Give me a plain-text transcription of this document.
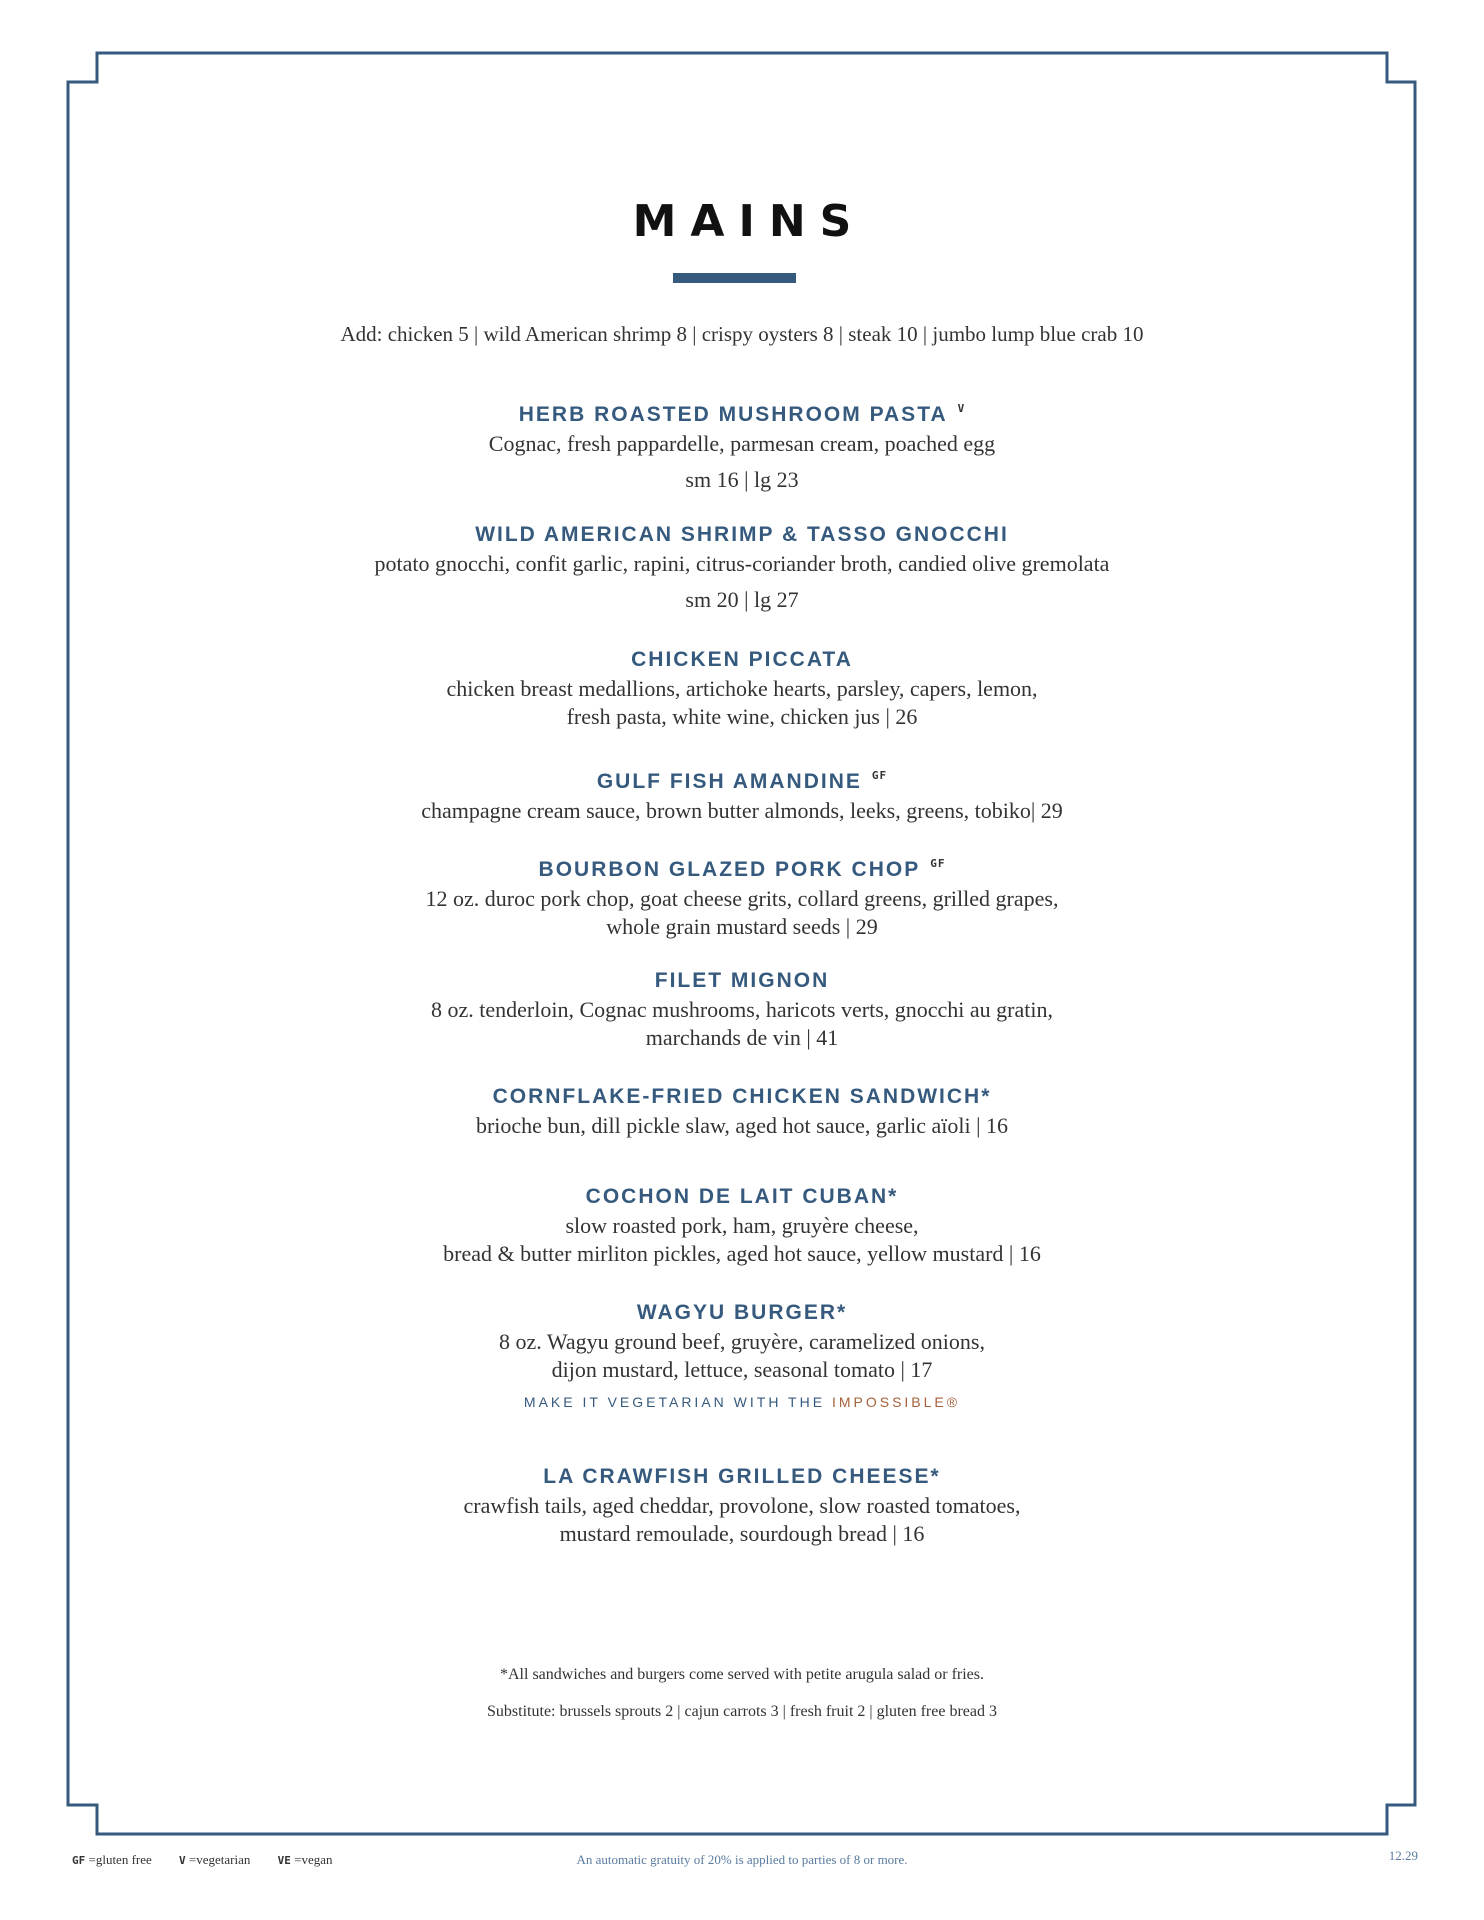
MAINS
Add: chicken 5 | wild American shrimp 8 | crispy oysters 8 | steak 10 | jumbo lump blue crab 10
HERB ROASTED MUSHROOM PASTA $^V$
Cognac, fresh pappardelle, parmesan cream, poached egg
sm 16 | lg 23
WILD AMERICAN SHRIMP & TASSO GNOCCHI
potato gnocchi, confit garlic, rapini, citrus-coriander broth, candied olive gremolata
sm 20 | lg 27
CHICKEN PICCATA
chicken breast medallions, artichoke hearts, parsley, capers, lemon,
fresh pasta, white wine, chicken jus | 26
GULF FISH AMANDINE $^{GF}$
champagne cream sauce, brown butter almonds, leeks, greens, tobiko| 29
BOURBON GLAZED PORK CHOP $^{GF}$
12 oz. duroc pork chop, goat cheese grits, collard greens, grilled grapes,
whole grain mustard seeds | 29
FILET MIGNON
8 oz. tenderloin, Cognac mushrooms, haricots verts, gnocchi au gratin,
marchands de vin | 41
CORNFLAKE-FRIED CHICKEN SANDWICH*
brioche bun, dill pickle slaw, aged hot sauce, garlic aïoli | 16
COCHON DE LAIT CUBAN*
slow roasted pork, ham, gruyère cheese,
bread & butter mirliton pickles, aged hot sauce, yellow mustard | 16
WAGYU BURGER*
8 oz. Wagyu ground beef, gruyère, caramelized onions,
dijon mustard, lettuce, seasonal tomato | 17
MAKE IT VEGETARIAN WITH THE IMPOSSIBLE®
LA CRAWFISH GRILLED CHEESE*
crawfish tails, aged cheddar, provolone, slow roasted tomatoes,
mustard remoulade, sourdough bread | 16
*All sandwiches and burgers come served with petite arugula salad or fries.
Substitute: brussels sprouts 2 | cajun carrots 3 | fresh fruit 2 | gluten free bread 3
GF =gluten free V =vegetarian VE =vegan	An automatic gratuity of 20% is applied to parties of 8 or more.	12.29
